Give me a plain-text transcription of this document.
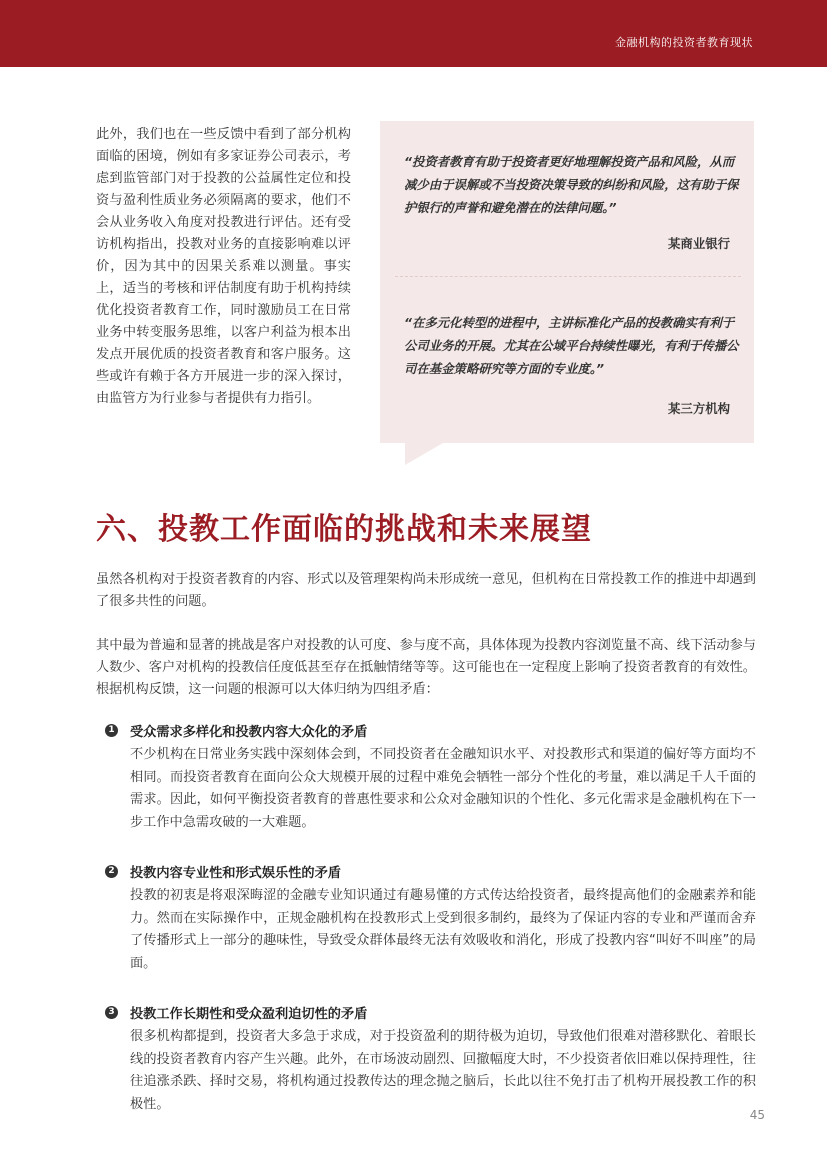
金融机构的投资者教育现状
此外，我们也在一些反馈中看到了部分机构面临的困境，例如有多家证券公司表示，考虑到监管部门对于投教的公益属性定位和投资与盈利性质业务必须隔离的要求，他们不会从业务收入角度对投教进行评估。还有受访机构指出，投教对业务的直接影响难以评价，因为其中的因果关系难以测量。事实上，适当的考核和评估制度有助于机构持续优化投资者教育工作，同时激励员工在日常业务中转变服务思维，以客户利益为根本出发点开展优质的投资者教育和客户服务。这些或许有赖于各方开展进一步的深入探讨，由监管方为行业参与者提供有力指引。
“投资者教育有助于投资者更好地理解投资产品和风险，从而减少由于误解或不当投资决策导致的纠纷和风险，这有助于保护银行的声誉和避免潜在的法律问题。”
某商业银行
“在多元化转型的进程中，主讲标准化产品的投教确实有利于公司业务的开展。尤其在公域平台持续性曝光，有利于传播公司在基金策略研究等方面的专业度。”
某三方机构
六、投教工作面临的挑战和未来展望
虽然各机构对于投资者教育的内容、形式以及管理架构尚未形成统一意见，但机构在日常投教工作的推进中却遇到了很多共性的问题。
其中最为普遍和显著的挑战是客户对投教的认可度、参与度不高，具体体现为投教内容浏览量不高、线下活动参与人数少、客户对机构的投教信任度低甚至存在抵触情绪等等。这可能也在一定程度上影响了投资者教育的有效性。根据机构反馈，这一问题的根源可以大体归纳为四组矛盾：
1 受众需求多样化和投教内容大众化的矛盾
不少机构在日常业务实践中深刻体会到，不同投资者在金融知识水平、对投教形式和渠道的偏好等方面均不相同。而投资者教育在面向公众大规模开展的过程中难免会牺牲一部分个性化的考量，难以满足千人千面的需求。因此，如何平衡投资者教育的普惠性要求和公众对金融知识的个性化、多元化需求是金融机构在下一步工作中急需攻破的一大难题。
2 投教内容专业性和形式娱乐性的矛盾
投教的初衷是将艰深晦涩的金融专业知识通过有趣易懂的方式传达给投资者，最终提高他们的金融素养和能力。然而在实际操作中，正规金融机构在投教形式上受到很多制约，最终为了保证内容的专业和严谨而舍弃了传播形式上一部分的趣味性，导致受众群体最终无法有效吸收和消化，形成了投教内容“叫好不叫座”的局面。
3 投教工作长期性和受众盈利迫切性的矛盾
很多机构都提到，投资者大多急于求成，对于投资盈利的期待极为迫切，导致他们很难对潜移默化、着眼长线的投资者教育内容产生兴趣。此外，在市场波动剧烈、回撤幅度大时，不少投资者依旧难以保持理性，往往追涨杀跌、择时交易，将机构通过投教传达的理念抛之脑后，长此以往不免打击了机构开展投教工作的积极性。
45
